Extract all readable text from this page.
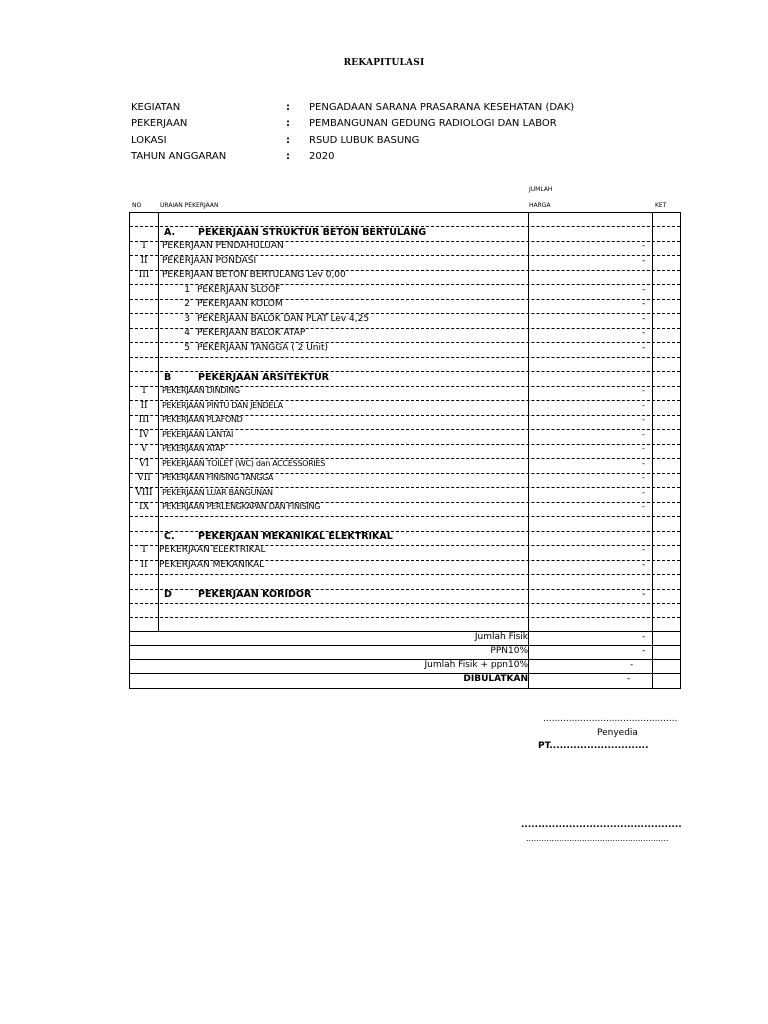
REKAPITULASI
KEGIATAN	: PENGADAAN SARANA PRASARANA KESEHATAN (DAK)
PEKERJAAN	: PEMBANGUNAN GEDUNG RADIOLOGI DAN LABOR
LOKASI	: RSUD LUBUK BASUNG
TAHUN ANGGARAN	: 2020
NO	URAIAN PEKERJAAN
JUMLAH
HARGA	KET
A. PEKERJAAN STRUKTUR BETON BERTULANG
I	PEKERJAAN PENDAHULUAN	-
II	PEKERJAAN PONDASI	-
III	PEKERJAAN BETON BERTULANG Lev 0,00
1 PEKERJAAN SLOOF	-
2 PEKERJAAN KOLOM	-
3 PEKERJAAN BALOK DAN PLAT Lev 4,25	-
4 PEKERJAAN BALOK ATAP	-
5 PEKERJAAN TANGGA ( 2 Unit)	-
B	PEKERJAAN ARSITEKTUR
I	PEKERJAAN DINDING	-
II	PEKERJAAN PINTU DAN JENDELA	-
III	PEKERJAAN PLAFOND	-
IV	PEKERJAAN LANTAI	-
V	PEKERJAAN ATAP	-
VI	PEKERJAAN TOILET (WC) dan ACCESSORIES	-
VII	PEKERJAAN FINISING TANGGA	-
VIII	PEKERJAAN LUAR BANGUNAN	-
IX	PEKERJAAN PERLENGKAPAN DAN FINISING	-
C. PEKERJAAN MEKANIKAL ELEKTRIKAL
I	PEKERJAAN ELEKTRIKAL	-
II	PEKERJAAN MEKANIKAL	-
D	PEKERJAAN KORIDOR	-
Jumlah Fisik	-
PPN10%	-
Jumlah Fisik + ppn10%	-
DIBULATKAN	-
...............................................
Penyedia
PT.............................
...............................................
........................................................
